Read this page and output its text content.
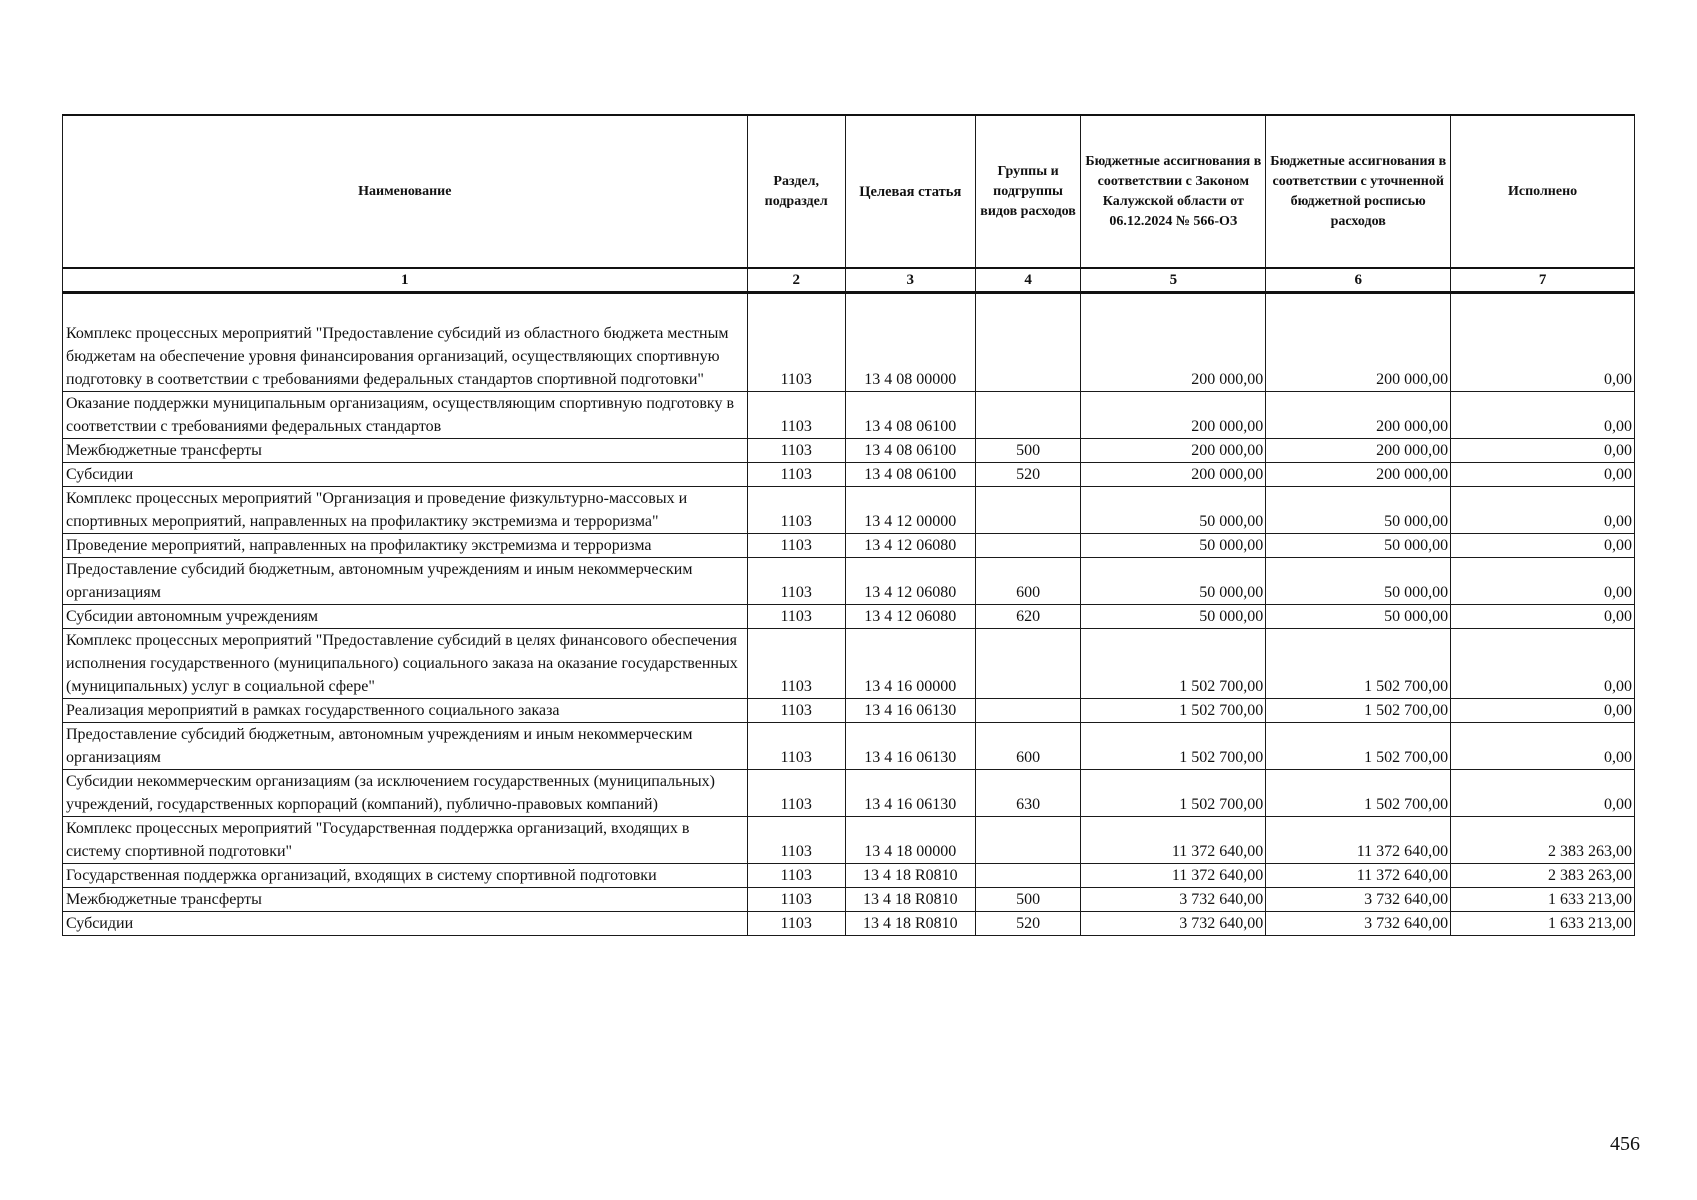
Наименование	Раздел, подраздел	Целевая статья	Группы и подгруппы видов расходов	Бюджетные ассигнования в соответствии с Законом Калужской области от 06.12.2024 № 566-ОЗ	Бюджетные ассигнования в соответствии с уточненной бюджетной росписью расходов	Исполнено
1	2	3	4	5	6	7
Комплекс процессных мероприятий "Предоставление субсидий из областного бюджета местным бюджетам на обеспечение уровня финансирования организаций, осуществляющих спортивную подготовку в соответствии с требованиями федеральных стандартов спортивной подготовки"	1103	13 4 08 00000		200 000,00	200 000,00	0,00
Оказание поддержки муниципальным организациям, осуществляющим спортивную подготовку в соответствии с требованиями федеральных стандартов	1103	13 4 08 06100		200 000,00	200 000,00	0,00
Межбюджетные трансферты	1103	13 4 08 06100	500	200 000,00	200 000,00	0,00
Субсидии	1103	13 4 08 06100	520	200 000,00	200 000,00	0,00
Комплекс процессных мероприятий "Организация и проведение физкультурно-массовых и спортивных мероприятий, направленных на профилактику экстремизма и терроризма"	1103	13 4 12 00000		50 000,00	50 000,00	0,00
Проведение мероприятий, направленных на профилактику экстремизма и терроризма	1103	13 4 12 06080		50 000,00	50 000,00	0,00
Предоставление субсидий бюджетным, автономным учреждениям и иным некоммерческим организациям	1103	13 4 12 06080	600	50 000,00	50 000,00	0,00
Субсидии автономным учреждениям	1103	13 4 12 06080	620	50 000,00	50 000,00	0,00
Комплекс процессных мероприятий "Предоставление субсидий в целях финансового обеспечения исполнения государственного (муниципального) социального заказа на оказание государственных (муниципальных) услуг в социальной сфере"	1103	13 4 16 00000		1 502 700,00	1 502 700,00	0,00
Реализация мероприятий в рамках государственного социального заказа	1103	13 4 16 06130		1 502 700,00	1 502 700,00	0,00
Предоставление субсидий бюджетным, автономным учреждениям и иным некоммерческим организациям	1103	13 4 16 06130	600	1 502 700,00	1 502 700,00	0,00
Субсидии некоммерческим организациям (за исключением государственных (муниципальных) учреждений, государственных корпораций (компаний), публично-правовых компаний)	1103	13 4 16 06130	630	1 502 700,00	1 502 700,00	0,00
Комплекс процессных мероприятий "Государственная поддержка организаций, входящих в систему спортивной подготовки"	1103	13 4 18 00000		11 372 640,00	11 372 640,00	2 383 263,00
Государственная поддержка организаций, входящих в систему спортивной подготовки	1103	13 4 18 R0810		11 372 640,00	11 372 640,00	2 383 263,00
Межбюджетные трансферты	1103	13 4 18 R0810	500	3 732 640,00	3 732 640,00	1 633 213,00
Субсидии	1103	13 4 18 R0810	520	3 732 640,00	3 732 640,00	1 633 213,00
456
